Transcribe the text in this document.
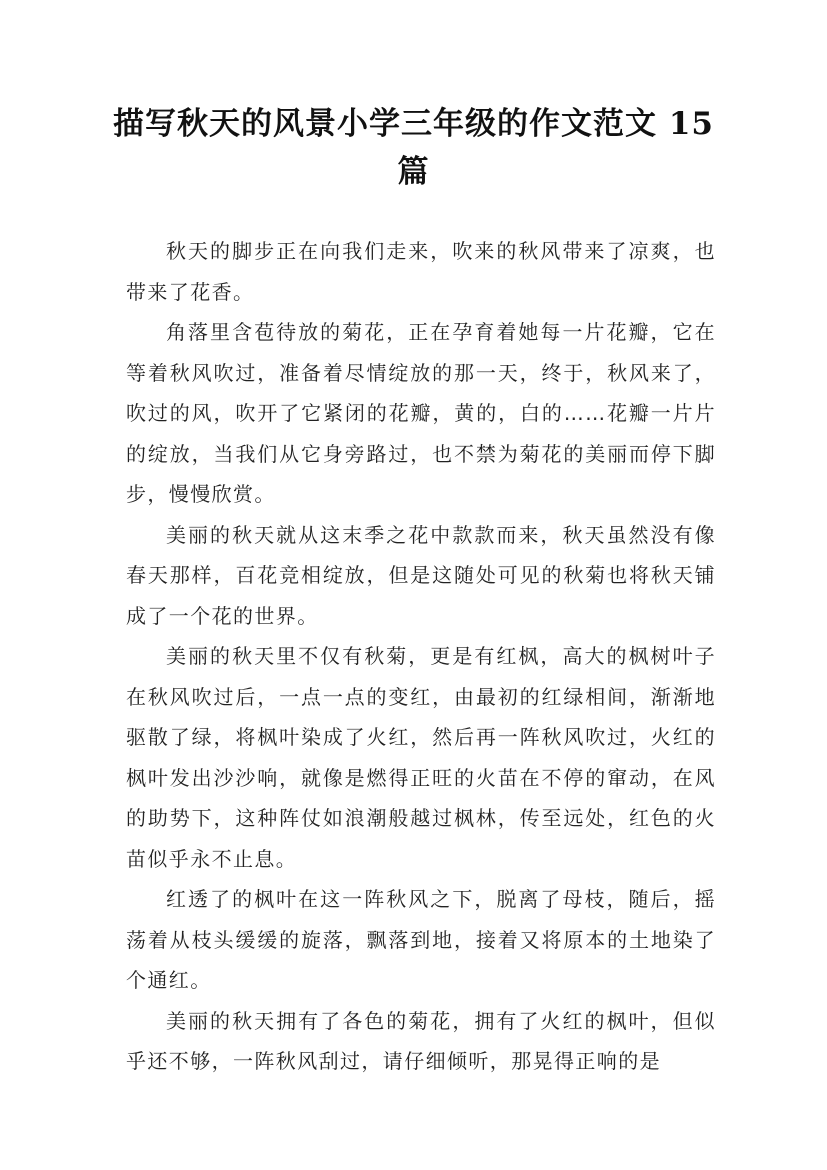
描写秋天的风景小学三年级的作文范文 15 篇

秋天的脚步正在向我们走来，吹来的秋风带来了凉爽，也带来了花香。

角落里含苞待放的菊花，正在孕育着她每一片花瓣，它在等着秋风吹过，准备着尽情绽放的那一天，终于，秋风来了，吹过的风，吹开了它紧闭的花瓣，黄的，白的……花瓣一片片的绽放，当我们从它身旁路过，也不禁为菊花的美丽而停下脚步，慢慢欣赏。

美丽的秋天就从这末季之花中款款而来，秋天虽然没有像春天那样，百花竞相绽放，但是这随处可见的秋菊也将秋天铺成了一个花的世界。

美丽的秋天里不仅有秋菊，更是有红枫，高大的枫树叶子在秋风吹过后，一点一点的变红，由最初的红绿相间，渐渐地驱散了绿，将枫叶染成了火红，然后再一阵秋风吹过，火红的枫叶发出沙沙响，就像是燃得正旺的火苗在不停的窜动，在风的助势下，这种阵仗如浪潮般越过枫林，传至远处，红色的火苗似乎永不止息。

红透了的枫叶在这一阵秋风之下，脱离了母枝，随后，摇荡着从枝头缓缓的旋落，飘落到地，接着又将原本的土地染了个通红。

美丽的秋天拥有了各色的菊花，拥有了火红的枫叶，但似乎还不够，一阵秋风刮过，请仔细倾听，那晃得正响的是
